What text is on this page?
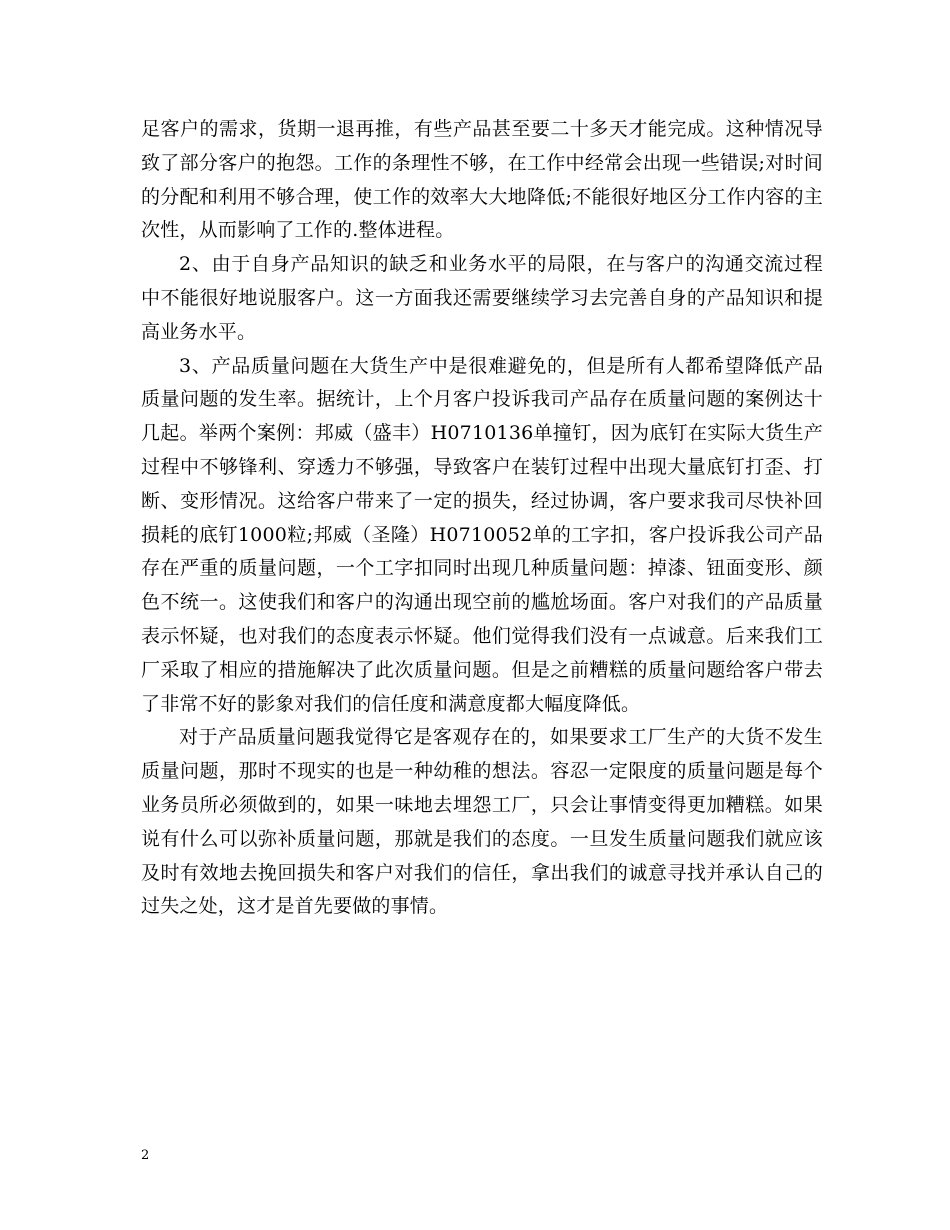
足客户的需求，货期一退再推，有些产品甚至要二十多天才能完成。这种情况导致了部分客户的抱怨。工作的条理性不够，在工作中经常会出现一些错误;对时间的分配和利用不够合理，使工作的效率大大地降低;不能很好地区分工作内容的主次性，从而影响了工作的.整体进程。

2、由于自身产品知识的缺乏和业务水平的局限，在与客户的沟通交流过程中不能很好地说服客户。这一方面我还需要继续学习去完善自身的产品知识和提高业务水平。

3、产品质量问题在大货生产中是很难避免的，但是所有人都希望降低产品质量问题的发生率。据统计，上个月客户投诉我司产品存在质量问题的案例达十几起。举两个案例：邦威（盛丰）H0710136单撞钉，因为底钉在实际大货生产过程中不够锋利、穿透力不够强，导致客户在装钉过程中出现大量底钉打歪、打断、变形情况。这给客户带来了一定的损失，经过协调，客户要求我司尽快补回损耗的底钉1000粒;邦威（圣隆）H0710052单的工字扣，客户投诉我公司产品存在严重的质量问题，一个工字扣同时出现几种质量问题：掉漆、钮面变形、颜色不统一。这使我们和客户的沟通出现空前的尴尬场面。客户对我们的产品质量表示怀疑，也对我们的态度表示怀疑。他们觉得我们没有一点诚意。后来我们工厂采取了相应的措施解决了此次质量问题。但是之前糟糕的质量问题给客户带去了非常不好的影象对我们的信任度和满意度都大幅度降低。

对于产品质量问题我觉得它是客观存在的，如果要求工厂生产的大货不发生质量问题，那时不现实的也是一种幼稚的想法。容忍一定限度的质量问题是每个业务员所必须做到的，如果一味地去埋怨工厂，只会让事情变得更加糟糕。如果说有什么可以弥补质量问题，那就是我们的态度。一旦发生质量问题我们就应该及时有效地去挽回损失和客户对我们的信任，拿出我们的诚意寻找并承认自己的过失之处，这才是首先要做的事情。

2
